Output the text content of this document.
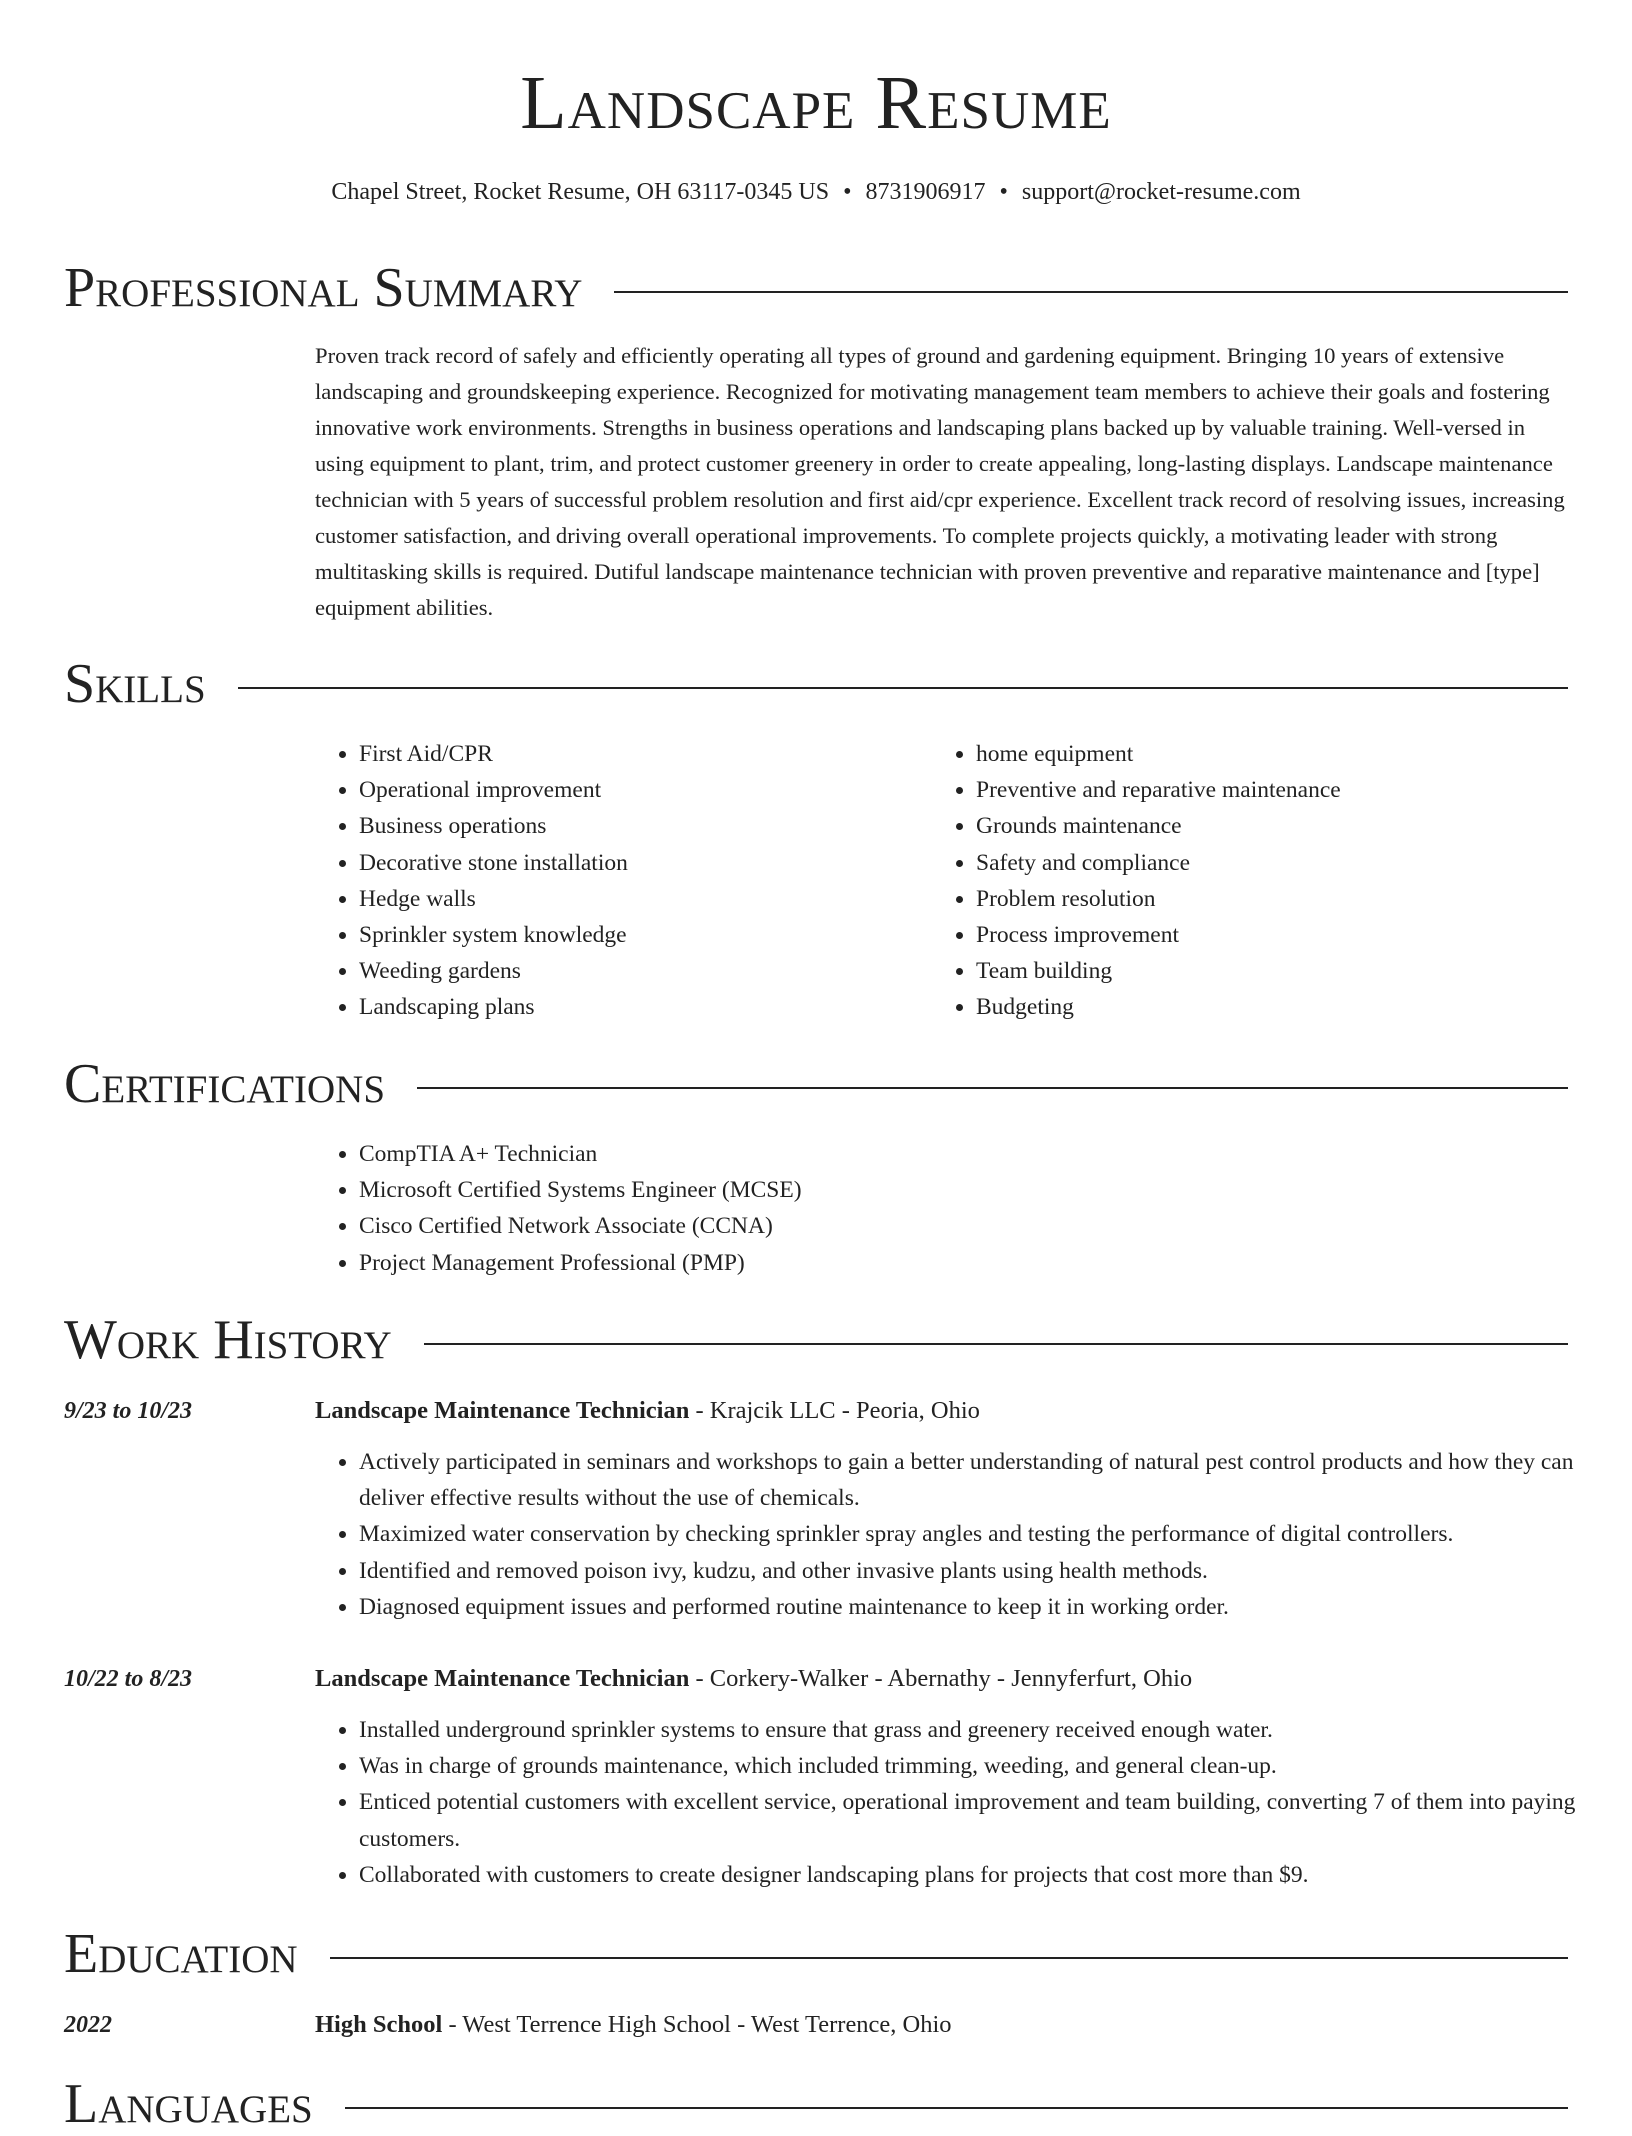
Landscape Resume
Chapel Street, Rocket Resume, OH 63117-0345 US • 8731906917 • support@rocket-resume.com
Professional Summary

Proven track record of safely and efficiently operating all types of ground and gardening equipment. Bringing 10 years of extensive landscaping and groundskeeping experience. Recognized for motivating management team members to achieve their goals and fostering innovative work environments. Strengths in business operations and landscaping plans backed up by valuable training. Well-versed in using equipment to plant, trim, and protect customer greenery in order to create appealing, long-lasting displays. Landscape maintenance technician with 5 years of successful problem resolution and first aid/cpr experience. Excellent track record of resolving issues, increasing customer satisfaction, and driving overall operational improvements. To complete projects quickly, a motivating leader with strong multitasking skills is required. Dutiful landscape maintenance technician with proven preventive and reparative maintenance and [type] equipment abilities.

Skills
• First Aid/CPR
• Operational improvement
• Business operations
• Decorative stone installation
• Hedge walls
• Sprinkler system knowledge
• Weeding gardens
• Landscaping plans
• home equipment
• Preventive and reparative maintenance
• Grounds maintenance
• Safety and compliance
• Problem resolution
• Process improvement
• Team building
• Budgeting
Certifications
• CompTIA A+ Technician
• Microsoft Certified Systems Engineer (MCSE)
• Cisco Certified Network Associate (CCNA)
• Project Management Professional (PMP)
Work History
9/23 to 10/23	Landscape Maintenance Technician - Krajcik LLC - Peoria, Ohio
• Actively participated in seminars and workshops to gain a better understanding of natural pest control products and how they can deliver effective results without the use of chemicals.
• Maximized water conservation by checking sprinkler spray angles and testing the performance of digital controllers.
• Identified and removed poison ivy, kudzu, and other invasive plants using health methods.
• Diagnosed equipment issues and performed routine maintenance to keep it in working order.
10/22 to 8/23	Landscape Maintenance Technician - Corkery-Walker - Abernathy - Jennyferfurt, Ohio
• Installed underground sprinkler systems to ensure that grass and greenery received enough water.
• Was in charge of grounds maintenance, which included trimming, weeding, and general clean-up.
• Enticed potential customers with excellent service, operational improvement and team building, converting 7 of them into paying customers.
• Collaborated with customers to create designer landscaping plans for projects that cost more than $9.
Education
2022	High School - West Terrence High School - West Terrence, Ohio
Languages
